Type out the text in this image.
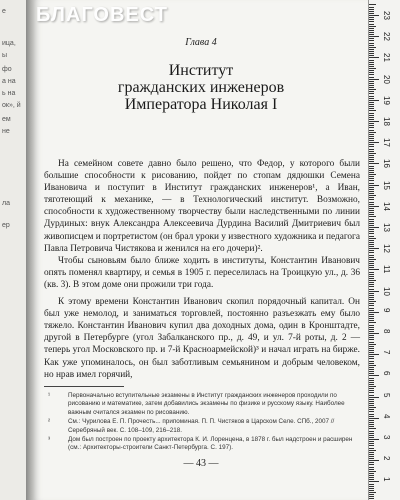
е
ица,
ы
фо
а на
ь на
ок», й
ем
не
ла
ер
БЛАГОВЕСТ
Глава 4
Институт
гражданских инженеров
Императора Николая I

На семейном совете давно было решено, что Федор, у которого были большие способности к рисованию, пойдет по стопам дядюшки Семена Ивановича и поступит в Институт гражданских инженеров¹, а Иван, тяготеющий к механике, — в Технологический институт. Возможно, способности к художественному творчеству были наследственными по линии Дурдиных: внук Александра Алексеевича Дурдина Василий Дмитриевич был живописцем и портретистом (он брал уроки у известного художника и педагога Павла Петровича Чистякова и женился на его дочери)².

Чтобы сыновьям было ближе ходить в институты, Константин Иванович опять поменял квартиру, и семья в 1905 г. переселилась на Троицкую ул., д. 36 (кв. 3). В этом доме они прожили три года.

К этому времени Константин Иванович скопил порядочный капитал. Он был уже немолод, и заниматься торговлей, постоянно разъезжать ему было тяжело. Константин Иванович купил два доходных дома, один в Кронштадте, другой в Петербурге (угол Забалканского пр., д. 49, и ул. 7-й роты, д. 2 — теперь угол Московского пр. и 7-й Красноармейской)³ и начал играть на бирже. Как уже упоминалось, он был заботливым семьянином и добрым человеком, но нрав имел горячий,

¹	Первоначально вступительные экзамены в Институт гражданских инженеров проходили по рисованию и математике, затем добавились экзамены по физике и русскому языку. Наиболее важным считался экзамен по рисованию.
²	См.: Чурилова Е. П. Прочесть... припоминая. П. П. Чистяков в Царском Селе. СПб., 2007 // Серебряный век. С. 108–109, 216–218.
³	Дом был построен по проекту архитектора К. И. Лоренцена, в 1878 г. был надстроен и расширен (см.: Архитекторы-строители Санкт-Петербурга. С. 197).
— 43 —
23
22
21
20
19
18
17
16
15
14
13
12
11
10
9
8
7
6
5
4
3
2
1
